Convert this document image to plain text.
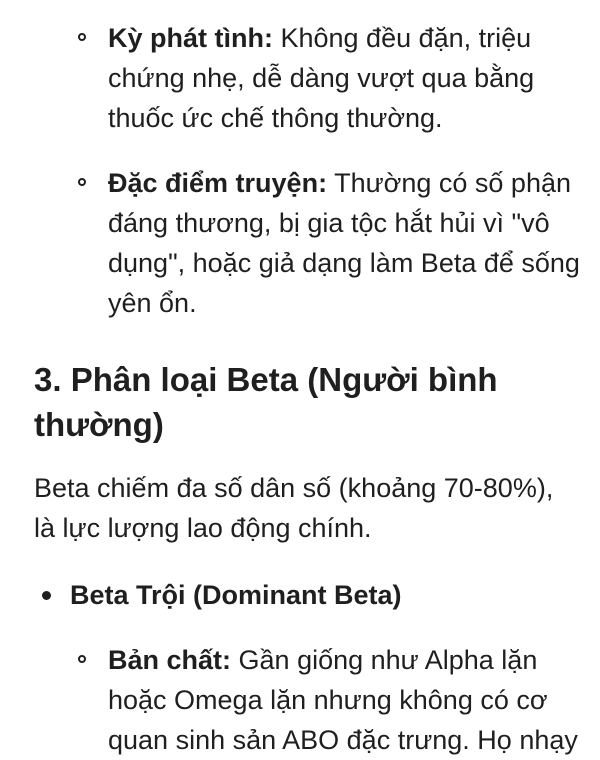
Kỳ phát tình: Không đều đặn, triệu chứng nhẹ, dễ dàng vượt qua bằng thuốc ức chế thông thường.
Đặc điểm truyện: Thường có số phận đáng thương, bị gia tộc hắt hủi vì "vô dụng", hoặc giả dạng làm Beta để sống yên ổn.
3. Phân loại Beta (Người bình thường)
Beta chiếm đa số dân số (khoảng 70-80%), là lực lượng lao động chính.
Beta Trội (Dominant Beta)
Bản chất: Gần giống như Alpha lặn hoặc Omega lặn nhưng không có cơ quan sinh sản ABO đặc trưng. Họ nhạy
